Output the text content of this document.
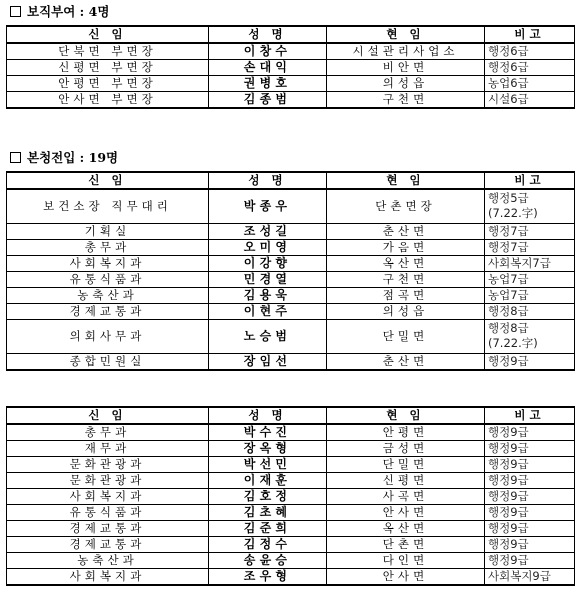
보직부여 : 4명
신 임	성 명	현 임	비고
단북면 부면장	이창수	시설관리사업소	행정6급

신평면 부면장	손대익	비안면	행정6급

안평면 부면장	권병호	의성읍	농업6급

안사면 부면장	김종범	구천면	시설6급
본청전입 : 19명
신 임	성 명	현 임	비고
보건소장 직무대리	박종우	단촌면장	행정5급
(7.22.字)

기획실	조성길	춘산면	행정7급

총무과	오미영	가음면	행정7급

사회복지과	이강향	옥산면	사회복지7급

유통식품과	민경열	구천면	농업7급

농축산과	김용욱	점곡면	농업7급

경제교통과	이현주	의성읍	행정8급

의회사무과	노승범	단밀면	행정8급
(7.22.字)

종합민원실	장임선	춘산면	행정9급
신 임	성 명	현 임	비고
총무과	박수진	안평면	행정9급

재무과	장옥형	금성면	행정9급

문화관광과	박선민	단밀면	행정9급

문화관광과	이재훈	신평면	행정9급

사회복지과	김호정	사곡면	행정9급

유통식품과	김초혜	안사면	행정9급

경제교통과	김준희	옥산면	행정9급

경제교통과	김정수	단촌면	행정9급

농축산과	송윤승	다인면	행정9급

사회복지과	조우형	안사면	사회복지9급
